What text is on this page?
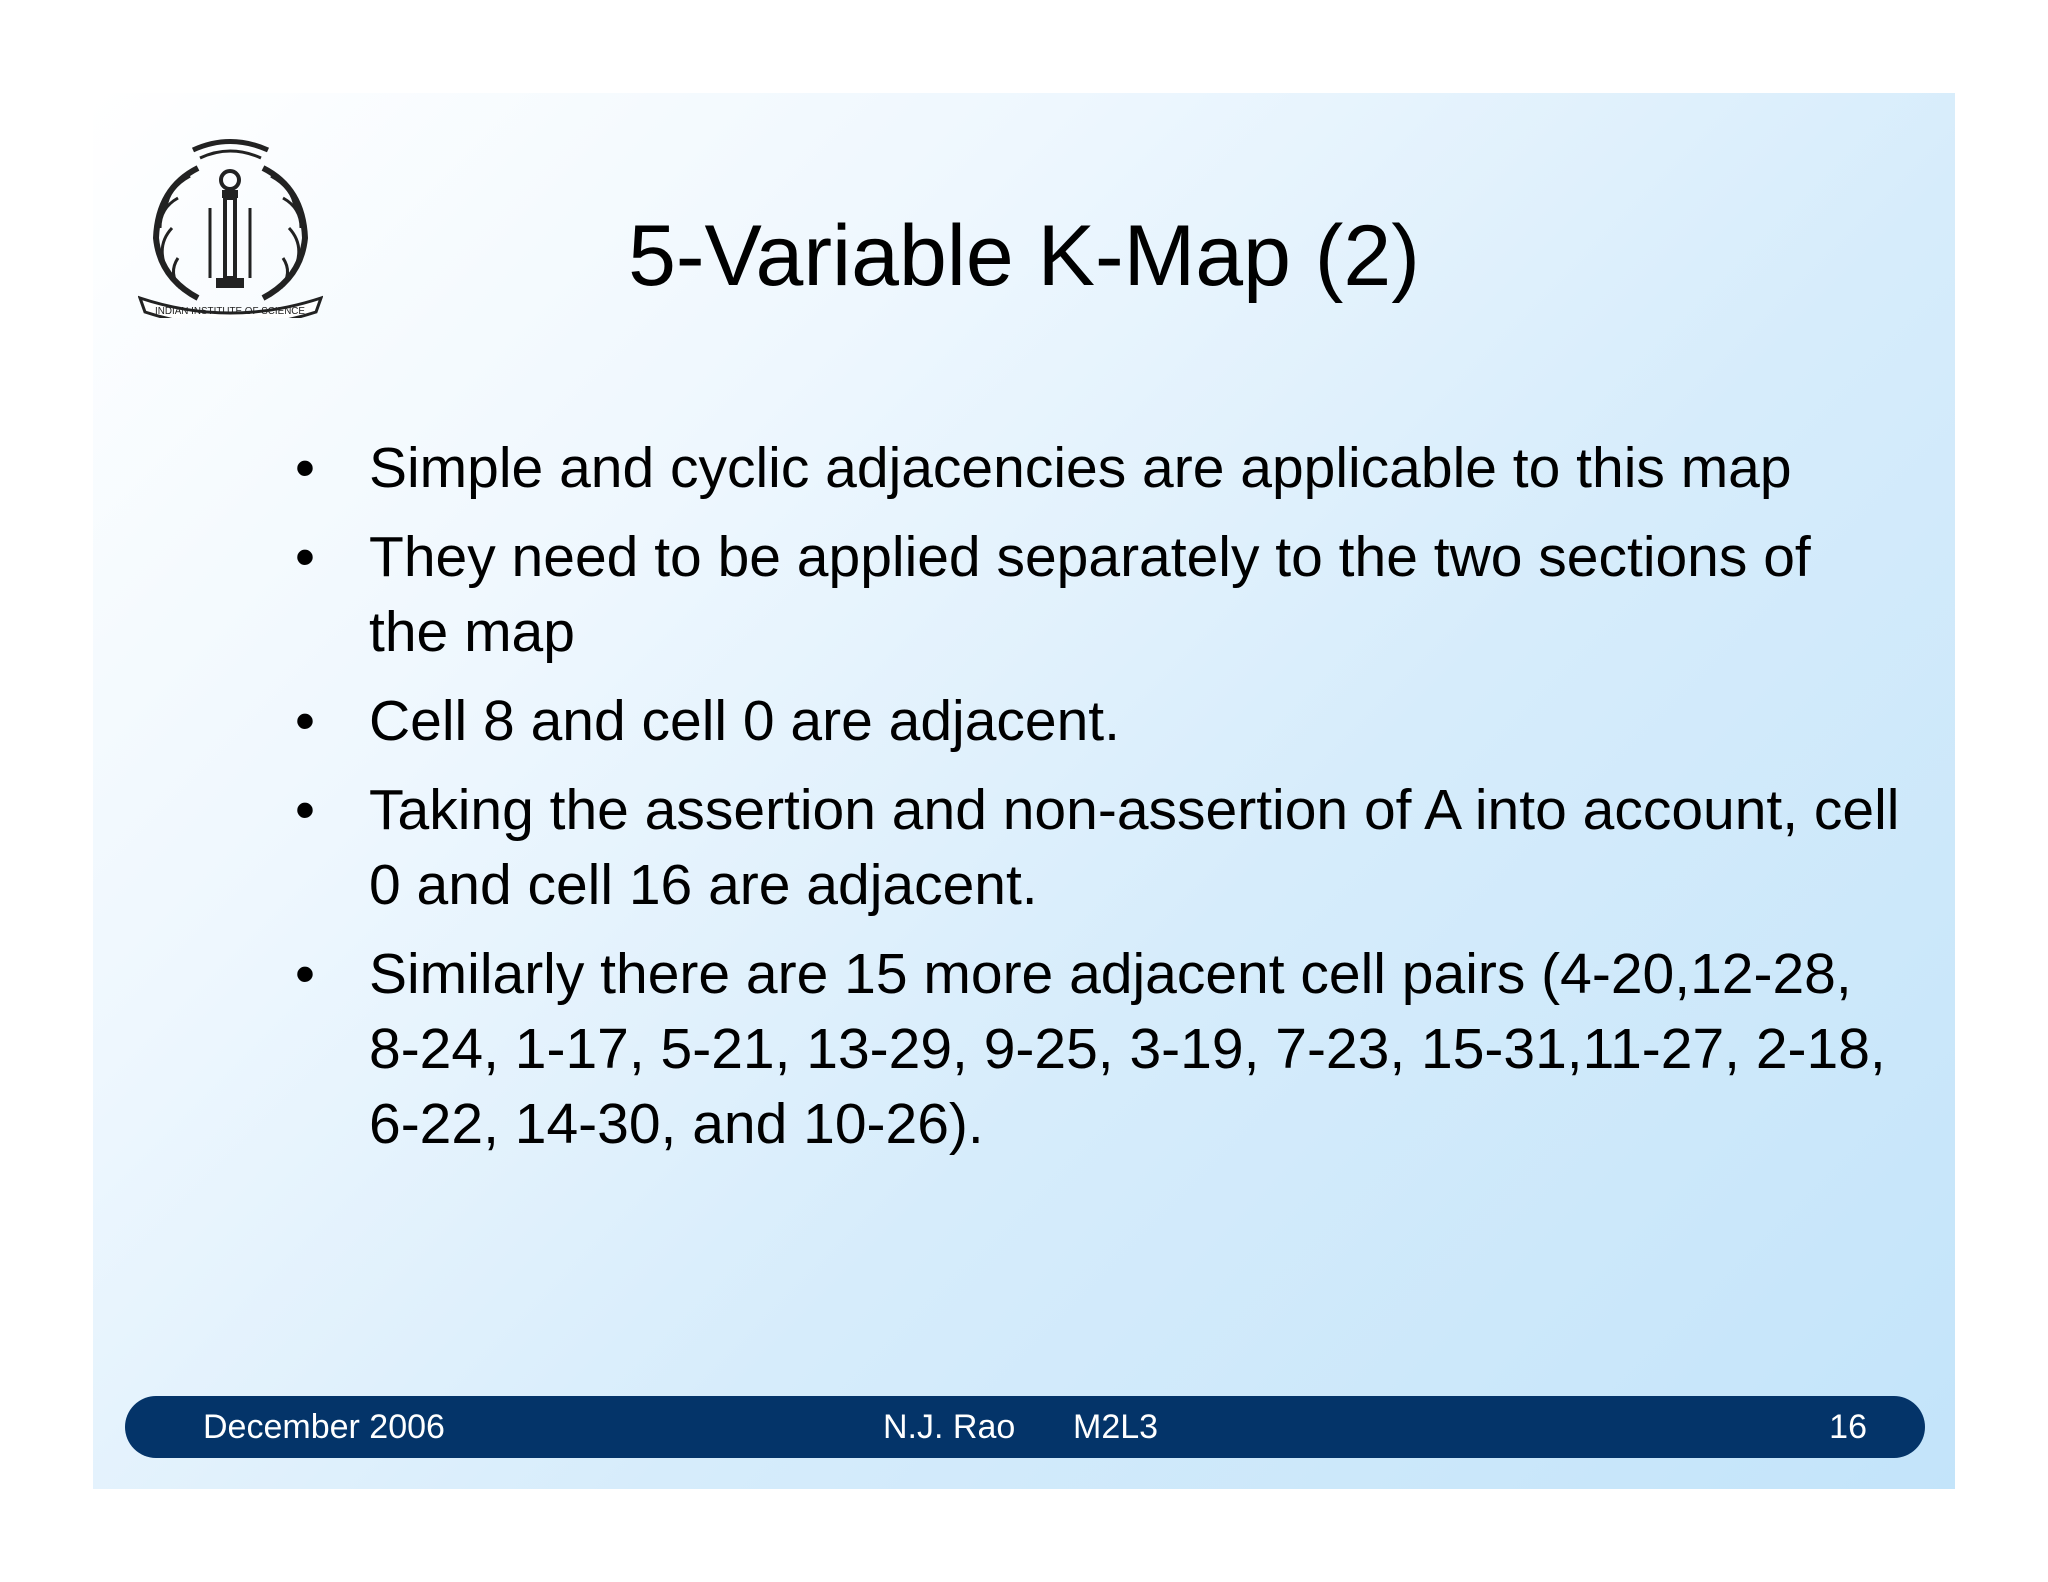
INDIAN INSTITUTE OF SCIENCE
5-Variable K-Map (2)
• Simple and cyclic adjacencies are applicable to this map
• They need to be applied separately to the two sections of the map
• Cell 8 and cell 0 are adjacent.
• Taking the assertion and non-assertion of A into account, cell 0 and cell 16 are adjacent.
• Similarly there are 15 more adjacent cell pairs (4-20,12-28, 8-24, 1-17, 5-21, 13-29, 9-25, 3-19, 7-23, 15-31,11-27, 2-18, 6-22, 14-30, and 10-26).
December 2006	N.J. Rao M2L3	16
